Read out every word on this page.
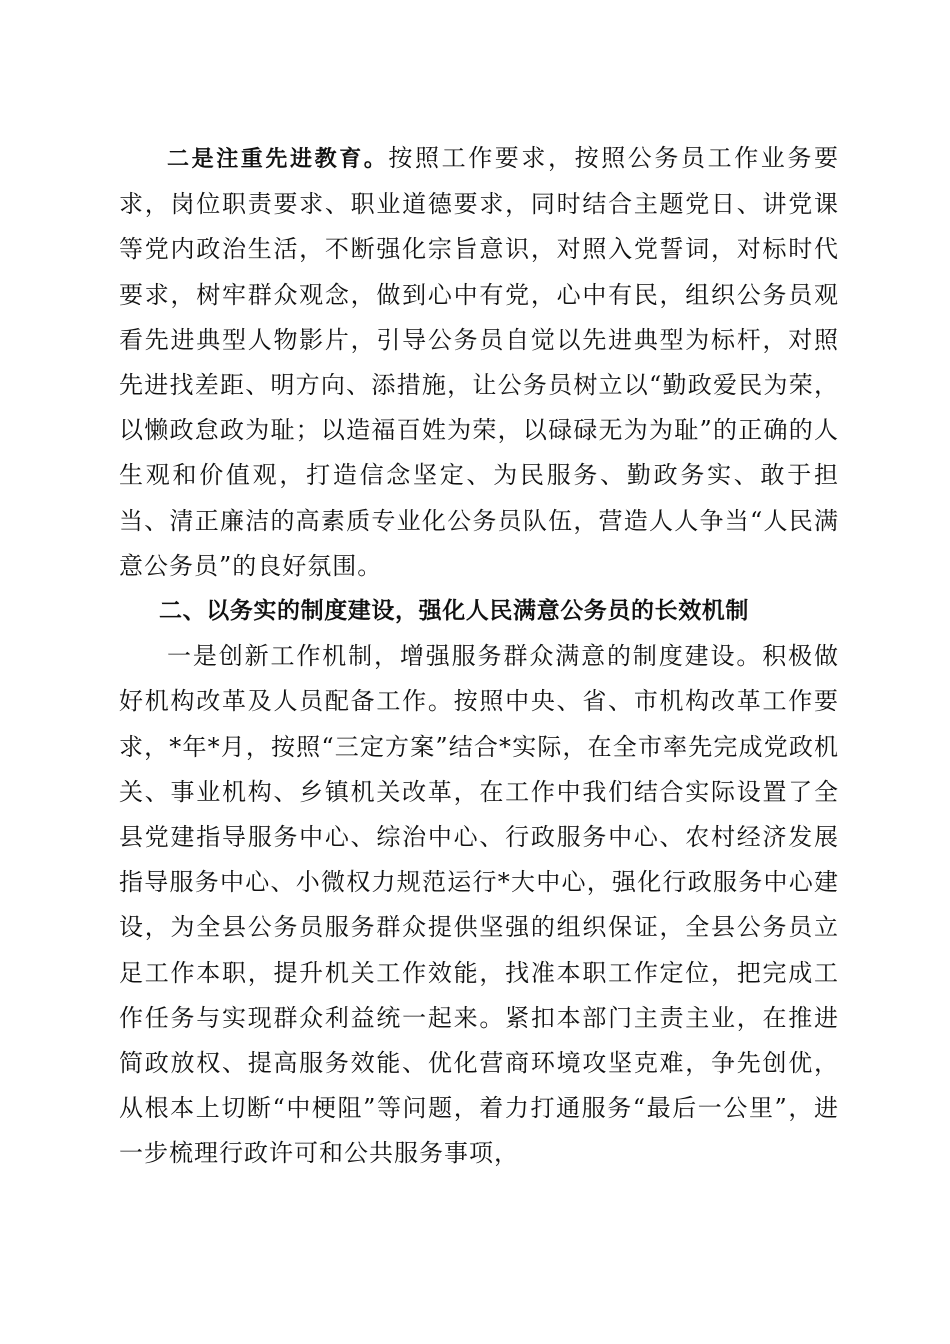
二是注重先进教育。按照工作要求，按照公务员工作业务要求，岗位职责要求、职业道德要求，同时结合主题党日、讲党课等党内政治生活，不断强化宗旨意识，对照入党誓词，对标时代要求，树牢群众观念，做到心中有党，心中有民，组织公务员观看先进典型人物影片，引导公务员自觉以先进典型为标杆，对照先进找差距、明方向、添措施，让公务员树立以“勤政爱民为荣，以懒政怠政为耻；以造福百姓为荣，以碌碌无为为耻”的正确的人生观和价值观，打造信念坚定、为民服务、勤政务实、敢于担当、清正廉洁的高素质专业化公务员队伍，营造人人争当“人民满意公务员”的良好氛围。

二、以务实的制度建设，强化人民满意公务员的长效机制

一是创新工作机制，增强服务群众满意的制度建设。积极做好机构改革及人员配备工作。按照中央、省、市机构改革工作要求，*年*月，按照“三定方案”结合*实际，在全市率先完成党政机关、事业机构、乡镇机关改革，在工作中我们结合实际设置了全县党建指导服务中心、综治中心、行政服务中心、农村经济发展指导服务中心、小微权力规范运行*大中心，强化行政服务中心建设，为全县公务员服务群众提供坚强的组织保证，全县公务员立足工作本职，提升机关工作效能，找准本职工作定位，把完成工作任务与实现群众利益统一起来。紧扣本部门主责主业，在推进简政放权、提高服务效能、优化营商环境攻坚克难，争先创优，从根本上切断“中梗阻”等问题，着力打通服务“最后一公里”，进一步梳理行政许可和公共服务事项，
